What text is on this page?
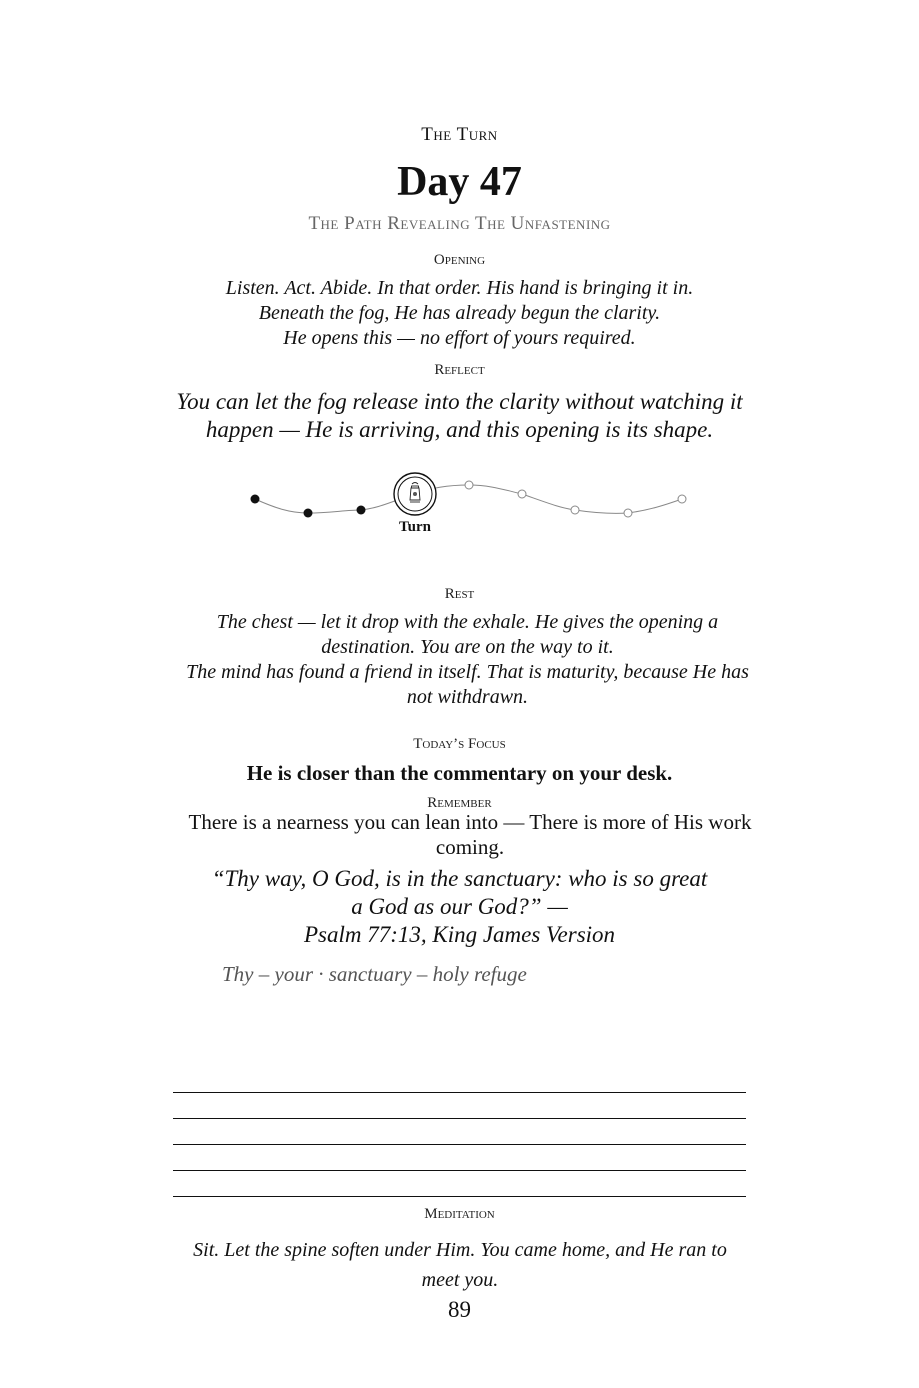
The Turn
Day 47
The Path Revealing The Unfastening
Opening
Listen. Act. Abide. In that order. His hand is bringing it in.
Beneath the fog, He has already begun the clarity.
He opens this — no effort of yours required.
Reflect
You can let the fog release into the clarity without watching it
happen — He is arriving, and this opening is its shape.
Turn
Rest
The chest — let it drop with the exhale. He gives the opening a destination. You are on the way to it.
The mind has found a friend in itself. That is maturity, because He has not withdrawn.
Today’s Focus
He is closer than the commentary on your desk.
Remember
There is a nearness you can lean into — There is more of His work coming.
“Thy way, O God, is in the sanctuary: who is so great
a God as our God?” —
Psalm 77:13, King James Version
Thy – your · sanctuary – holy refuge
Meditation
Sit. Let the spine soften under Him. You came home, and He ran to meet you.
89
